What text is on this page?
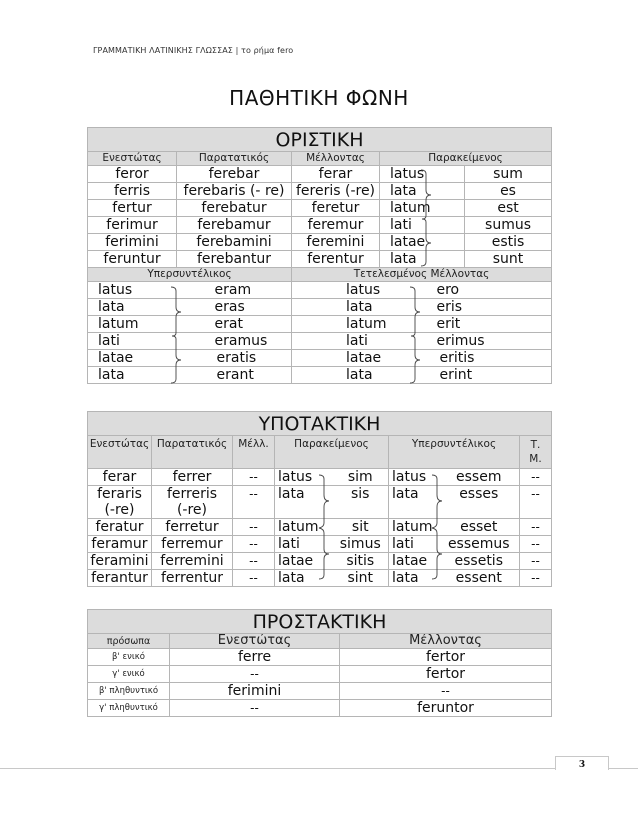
ΓΡΑΜΜΑΤΙΚΗ ΛΑΤΙΝΙΚΗΣ ΓΛΩΣΣΑΣ | το ρήμα fero
ΠΑΘΗΤΙΚΗ ΦΩΝΗ
ΟΡΙΣΤΙΚΗ						
Ενεστώτας	Παρατατικός		Μέλλοντας	Παρακείμενος		
feror	ferebar		ferar	latus		sum
ferris	ferebaris (- re)		fereris (-re)	lata		es
fertur	ferebatur		feretur	latum		est
ferimur	ferebamur		feremur	lati		sumus
ferimini	ferebamini		feremini	latae		estis
feruntur	ferebantur		ferentur	lata		sunt
Υπερσυντέλικος			Τετελεσμένος Μέλλοντας			
latus		eram	latus		ero	
lata		eras	lata		eris	
latum		erat	latum		erit	
lati		eramus	lati		erimus	
latae		eratis	latae		eritis	
lata		erant	lata		erint	
ΥΠΟΤΑΚΤΙΚΗ							
Ενεστώτας	Παρατατικός	Μέλλ.	Παρακείμενος		Υπερσυντέλικος		Τ. Μ.
ferar	ferrer	--	latus	sim	latus	essem	--
feraris (-re)	ferreris (-re)	--	lata	sis	lata	esses	--
feratur	ferretur	--	latum	sit	latum	esset	--
feramur	ferremur	--	lati	simus	lati	essemus	--
feramini	ferremini	--	latae	sitis	latae	essetis	--
ferantur	ferrentur	--	lata	sint	lata	essent	--
ΠΡΟΣΤΑΚΤΙΚΗ		
πρόσωπα	Ενεστώτας	Μέλλοντας
β' ενικό	ferre	fertor
γ' ενικό	--	fertor
β' πληθυντικό	ferimini	--
γ' πληθυντικό	--	feruntor
3
